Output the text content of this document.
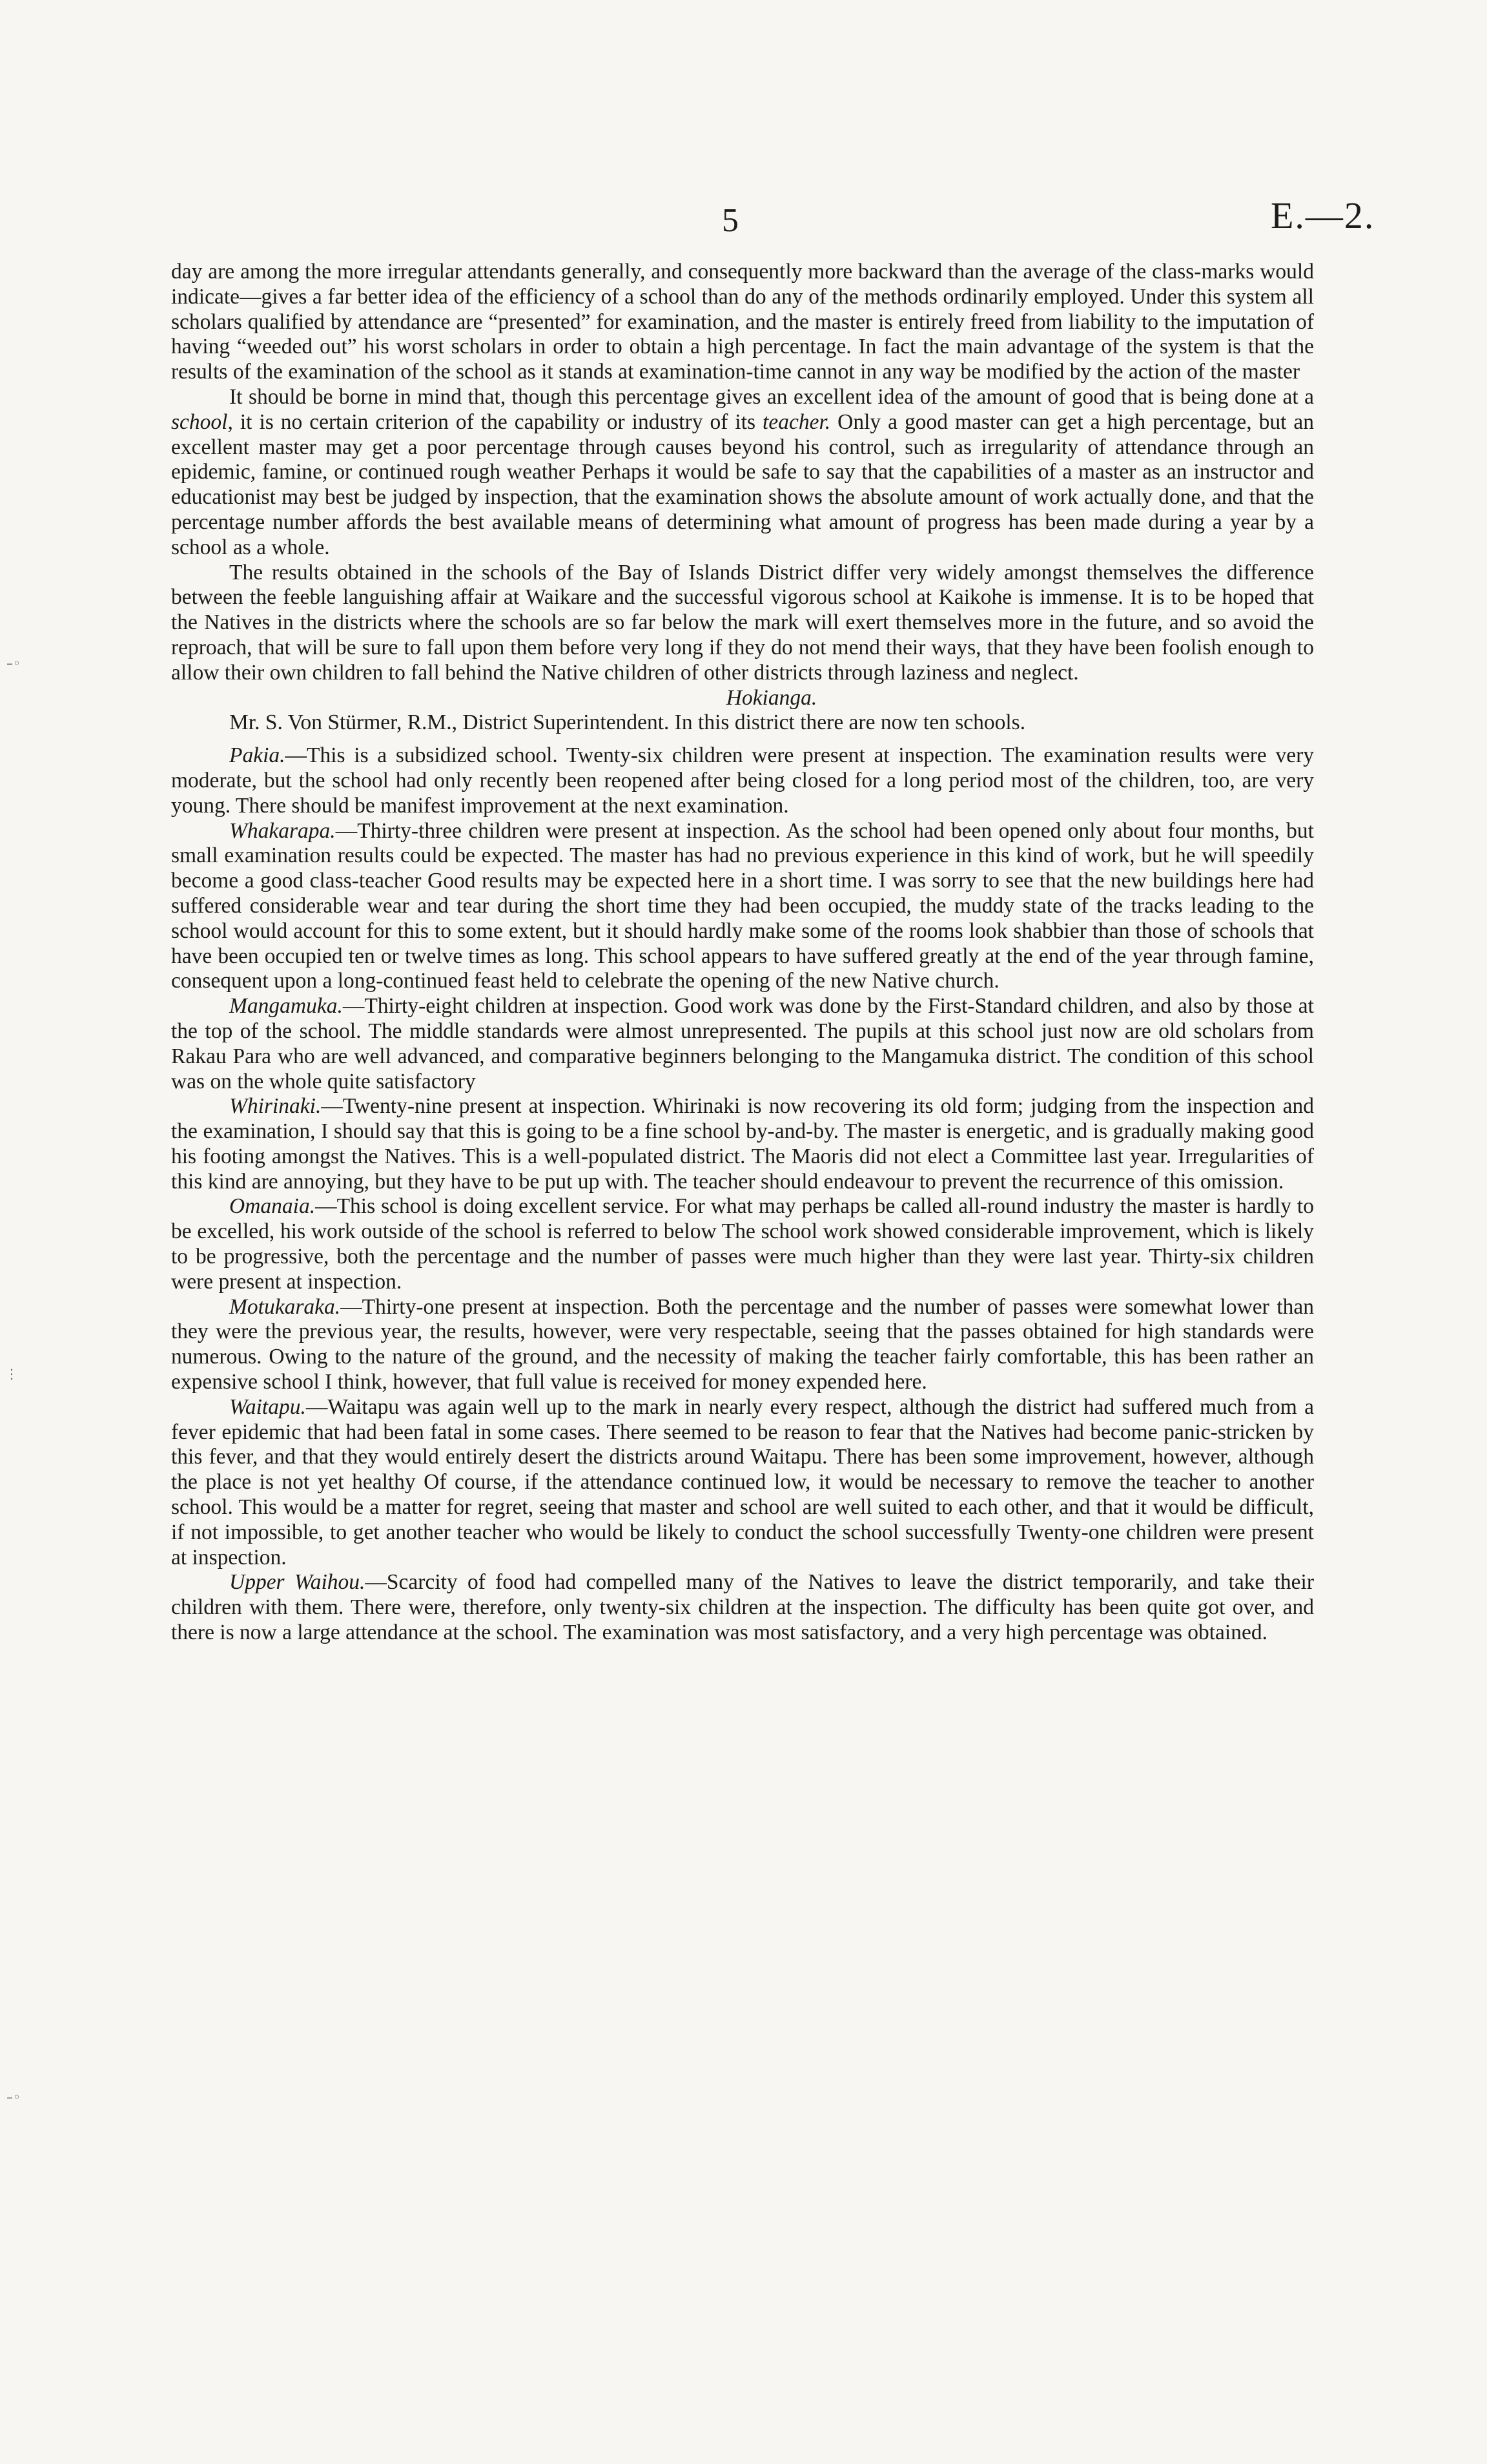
5	E.—2.
–◦
⋮
–◦

day are among the more irregular attendants generally, and consequently more backward than the average of the class-marks would indicate—gives a far better idea of the efficiency of a school than do any of the methods ordinarily employed. Under this system all scholars qualified by attendance are “presented” for examination, and the master is entirely freed from liability to the imputation of having “weeded out” his worst scholars in order to obtain a high percentage. In fact the main advantage of the system is that the results of the examination of the school as it stands at examination-time cannot in any way be modified by the action of the master

It should be borne in mind that, though this percentage gives an excellent idea of the amount of good that is being done at a school, it is no certain criterion of the capability or industry of its teacher. Only a good master can get a high percentage, but an excellent master may get a poor percentage through causes beyond his control, such as irregularity of attendance through an epidemic, famine, or continued rough weather Perhaps it would be safe to say that the capabilities of a master as an instructor and educationist may best be judged by inspection, that the examination shows the absolute amount of work actually done, and that the percentage number affords the best available means of determining what amount of progress has been made during a year by a school as a whole.

The results obtained in the schools of the Bay of Islands District differ very widely amongst themselves the difference between the feeble languishing affair at Waikare and the successful vigorous school at Kaikohe is immense. It is to be hoped that the Natives in the districts where the schools are so far below the mark will exert themselves more in the future, and so avoid the reproach, that will be sure to fall upon them before very long if they do not mend their ways, that they have been foolish enough to allow their own children to fall behind the Native children of other districts through laziness and neglect.

Hokianga.

Mr. S. Von Stürmer, R.M., District Superintendent. In this district there are now ten schools.

Pakia.—This is a subsidized school. Twenty-six children were present at inspection. The examination results were very moderate, but the school had only recently been reopened after being closed for a long period most of the children, too, are very young. There should be manifest improvement at the next examination.

Whakarapa.—Thirty-three children were present at inspection. As the school had been opened only about four months, but small examination results could be expected. The master has had no previous experience in this kind of work, but he will speedily become a good class-teacher Good results may be expected here in a short time. I was sorry to see that the new buildings here had suffered considerable wear and tear during the short time they had been occupied, the muddy state of the tracks leading to the school would account for this to some extent, but it should hardly make some of the rooms look shabbier than those of schools that have been occupied ten or twelve times as long. This school appears to have suffered greatly at the end of the year through famine, consequent upon a long-continued feast held to celebrate the opening of the new Native church.

Mangamuka.—Thirty-eight children at inspection. Good work was done by the First-Standard children, and also by those at the top of the school. The middle standards were almost unrepresented. The pupils at this school just now are old scholars from Rakau Para who are well advanced, and comparative beginners belonging to the Mangamuka district. The condition of this school was on the whole quite satisfactory

Whirinaki.—Twenty-nine present at inspection. Whirinaki is now recovering its old form; judging from the inspection and the examination, I should say that this is going to be a fine school by-and-by. The master is energetic, and is gradually making good his footing amongst the Natives. This is a well-populated district. The Maoris did not elect a Committee last year. Irregularities of this kind are annoying, but they have to be put up with. The teacher should endeavour to prevent the recurrence of this omission.

Omanaia.—This school is doing excellent service. For what may perhaps be called all-round industry the master is hardly to be excelled, his work outside of the school is referred to below The school work showed considerable improvement, which is likely to be progressive, both the percentage and the number of passes were much higher than they were last year. Thirty-six children were present at inspection.

Motukaraka.—Thirty-one present at inspection. Both the percentage and the number of passes were somewhat lower than they were the previous year, the results, however, were very respectable, seeing that the passes obtained for high standards were numerous. Owing to the nature of the ground, and the necessity of making the teacher fairly comfortable, this has been rather an expensive school I think, however, that full value is received for money expended here.

Waitapu.—Waitapu was again well up to the mark in nearly every respect, although the district had suffered much from a fever epidemic that had been fatal in some cases. There seemed to be reason to fear that the Natives had become panic-stricken by this fever, and that they would entirely desert the districts around Waitapu. There has been some improvement, however, although the place is not yet healthy Of course, if the attendance continued low, it would be necessary to remove the teacher to another school. This would be a matter for regret, seeing that master and school are well suited to each other, and that it would be difficult, if not impossible, to get another teacher who would be likely to conduct the school successfully Twenty-one children were present at inspection.

Upper Waihou.—Scarcity of food had compelled many of the Natives to leave the district temporarily, and take their children with them. There were, therefore, only twenty-six children at the inspection. The difficulty has been quite got over, and there is now a large attendance at the school. The examination was most satisfactory, and a very high percentage was obtained.
